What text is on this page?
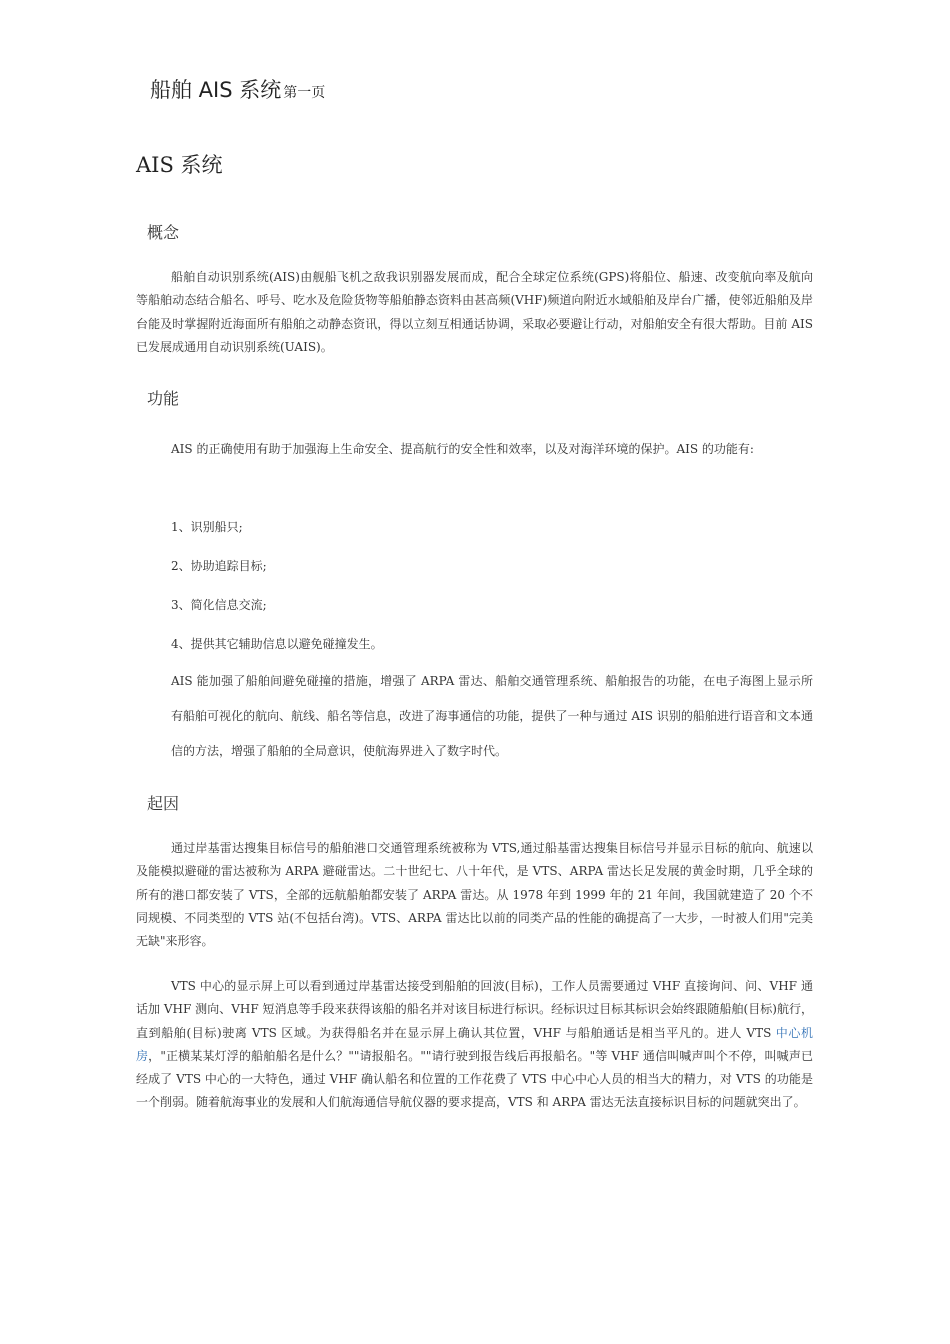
船舶 AIS 系统 第一页
AIS 系统
概念

船舶自动识别系统(AIS)由舰船飞机之敌我识别器发展而成，配合全球定位系统(GPS)将船位、船速、改变航向率及航向等船舶动态结合船名、呼号、吃水及危险货物等船舶静态资料由甚高频(VHF)频道向附近水域船舶及岸台广播，使邻近船舶及岸台能及时掌握附近海面所有船舶之动静态资讯，得以立刻互相通话协调，采取必要避让行动，对船舶安全有很大帮助。目前 AIS 已发展成通用自动识别系统(UAIS)。

功能

AIS 的正确使用有助于加强海上生命安全、提高航行的安全性和效率，以及对海洋环境的保护。AIS 的功能有:

1、识别船只;
2、协助追踪目标;
3、简化信息交流;
4、提供其它辅助信息以避免碰撞发生。

AIS 能加强了船舶间避免碰撞的措施，增强了 ARPA 雷达、船舶交通管理系统、船舶报告的功能，在电子海图上显示所有船舶可视化的航向、航线、船名等信息，改进了海事通信的功能，提供了一种与通过 AIS 识别的船舶进行语音和文本通信的方法，增强了船舶的全局意识，使航海界进入了数字时代。

起因

通过岸基雷达搜集目标信号的船舶港口交通管理系统被称为 VTS,通过船基雷达搜集目标信号并显示目标的航向、航速以及能模拟避碰的雷达被称为 ARPA 避碰雷达。二十世纪七、八十年代，是 VTS、ARPA 雷达长足发展的黄金时期，几乎全球的所有的港口都安装了 VTS，全部的远航船舶都安装了 ARPA 雷达。从 1978 年到 1999 年的 21 年间，我国就建造了 20 个不同规模、不同类型的 VTS 站(不包括台湾)。VTS、ARPA 雷达比以前的同类产品的性能的确提高了一大步，一时被人们用"完美无缺"来形容。

VTS 中心的显示屏上可以看到通过岸基雷达接受到船舶的回波(目标)，工作人员需要通过 VHF 直接询问、问、VHF 通话加 VHF 测向、VHF 短消息等手段来获得该船的船名并对该目标进行标识。经标识过目标其标识会始终跟随船舶(目标)航行，直到船舶(目标)驶离 VTS 区域。为获得船名并在显示屏上确认其位置，VHF 与船舶通话是相当平凡的。进人 VTS 中心机房，"正横某某灯浮的船舶船名是什么？""请报船名。""请行驶到报告线后再报船名。"等 VHF 通信叫喊声叫个不停，叫喊声已经成了 VTS 中心的一大特色，通过 VHF 确认船名和位置的工作花费了 VTS 中心中心人员的相当大的精力，对 VTS 的功能是一个削弱。随着航海事业的发展和人们航海通信导航仪器的要求提高，VTS 和 ARPA 雷达无法直接标识目标的问题就突出了。
